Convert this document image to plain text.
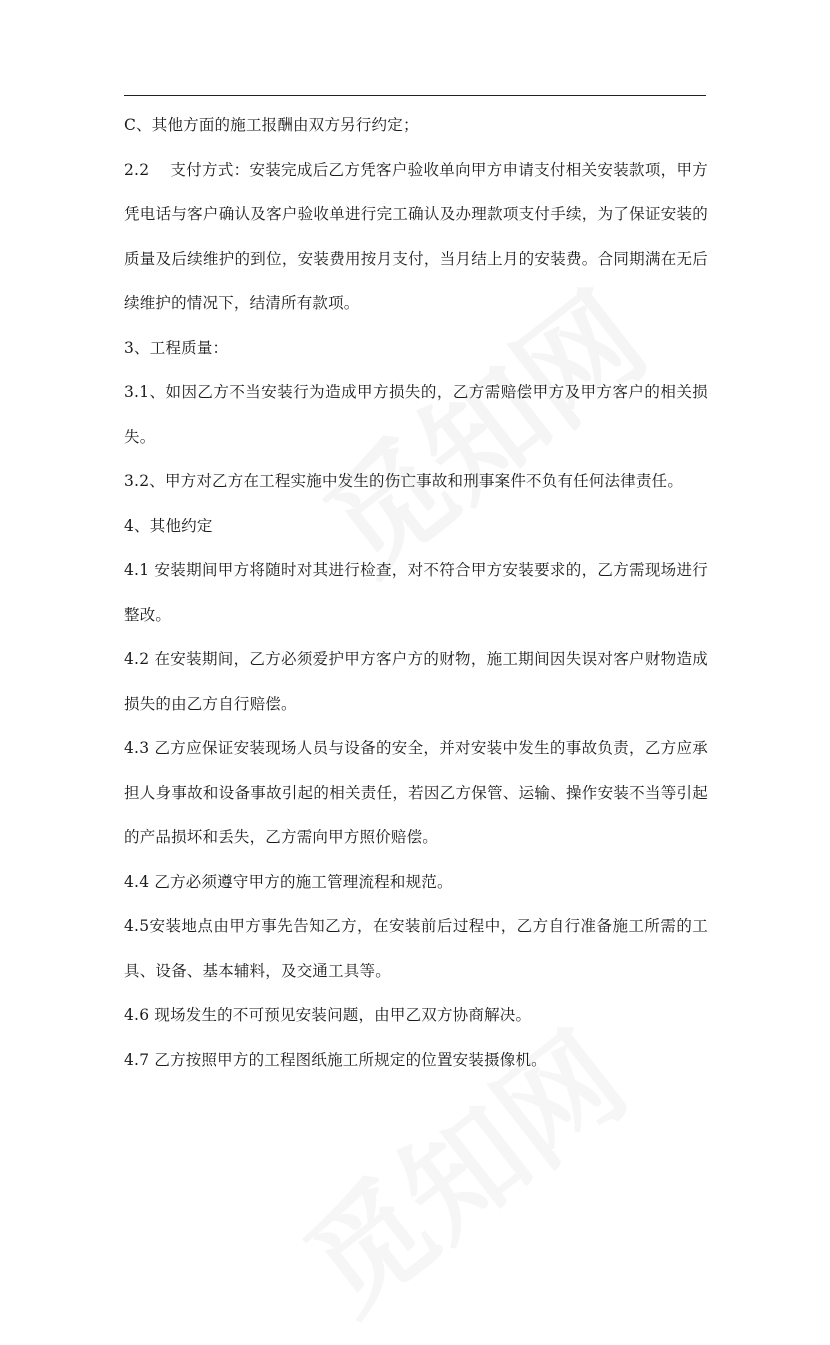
C、其他方面的施工报酬由双方另行约定；

2.2　 支付方式：安装完成后乙方凭客户验收单向甲方申请支付相关安装款项，甲方凭电话与客户确认及客户验收单进行完工确认及办理款项支付手续，为了保证安装的质量及后续维护的到位，安装费用按月支付，当月结上月的安装费。合同期满在无后续维护的情况下，结清所有款项。

3、工程质量：

3.1、如因乙方不当安装行为造成甲方损失的，乙方需赔偿甲方及甲方客户的相关损失。

3.2、甲方对乙方在工程实施中发生的伤亡事故和刑事案件不负有任何法律责任。

4、其他约定

4.1 安装期间甲方将随时对其进行检查，对不符合甲方安装要求的，乙方需现场进行整改。

4.2 在安装期间，乙方必须爱护甲方客户方的财物，施工期间因失误对客户财物造成损失的由乙方自行赔偿。

4.3 乙方应保证安装现场人员与设备的安全，并对安装中发生的事故负责，乙方应承担人身事故和设备事故引起的相关责任，若因乙方保管、运输、操作安装不当等引起的产品损坏和丢失，乙方需向甲方照价赔偿。

4.4 乙方必须遵守甲方的施工管理流程和规范。

4.5安装地点由甲方事先告知乙方，在安装前后过程中，乙方自行准备施工所需的工具、设备、基本辅料，及交通工具等。

4.6 现场发生的不可预见安装问题，由甲乙双方协商解决。

4.7 乙方按照甲方的工程图纸施工所规定的位置安装摄像机。
